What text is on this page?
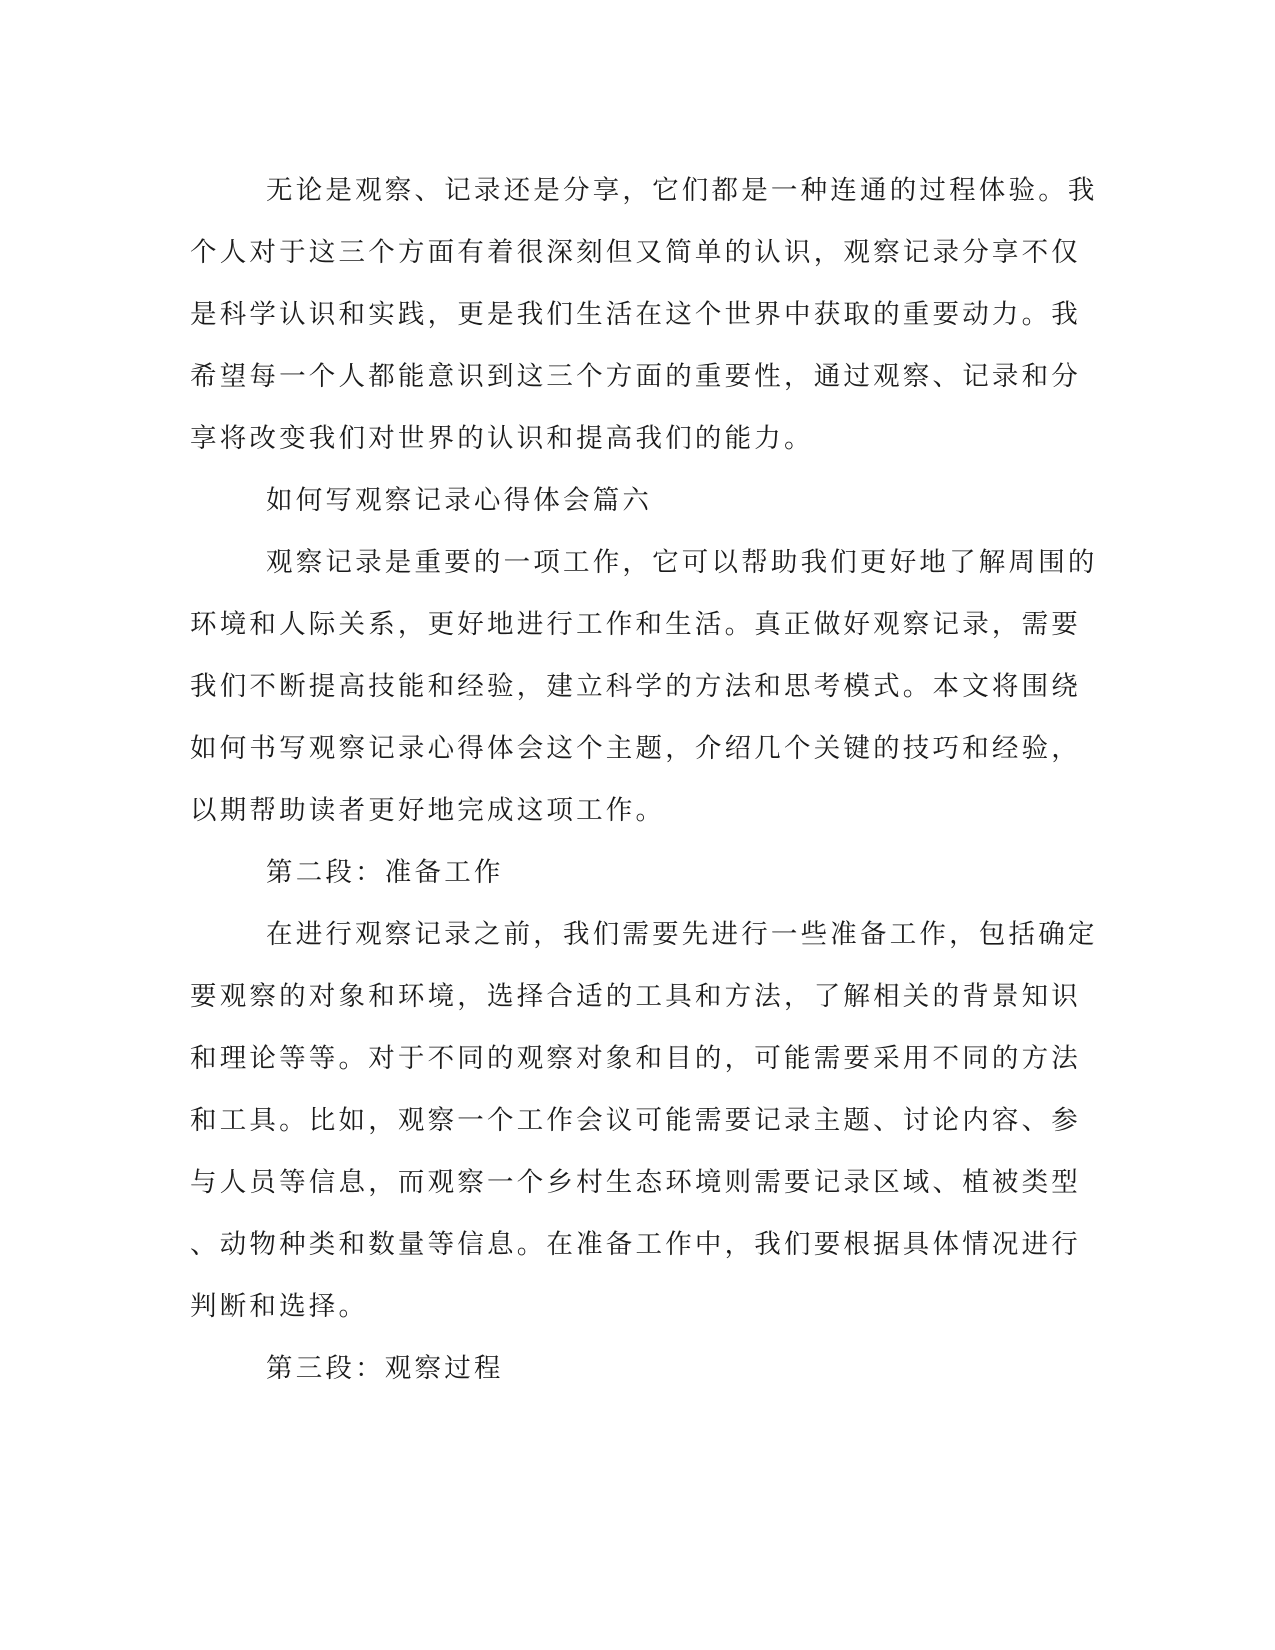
无论是观察、记录还是分享，它们都是一种连通的过程体验。我
个人对于这三个方面有着很深刻但又简单的认识，观察记录分享不仅
是科学认识和实践，更是我们生活在这个世界中获取的重要动力。我
希望每一个人都能意识到这三个方面的重要性，通过观察、记录和分
享将改变我们对世界的认识和提高我们的能力。
如何写观察记录心得体会篇六
观察记录是重要的一项工作，它可以帮助我们更好地了解周围的
环境和人际关系，更好地进行工作和生活。真正做好观察记录，需要
我们不断提高技能和经验，建立科学的方法和思考模式。本文将围绕
如何书写观察记录心得体会这个主题，介绍几个关键的技巧和经验，
以期帮助读者更好地完成这项工作。
第二段：准备工作
在进行观察记录之前，我们需要先进行一些准备工作，包括确定
要观察的对象和环境，选择合适的工具和方法，了解相关的背景知识
和理论等等。对于不同的观察对象和目的，可能需要采用不同的方法
和工具。比如，观察一个工作会议可能需要记录主题、讨论内容、参
与人员等信息，而观察一个乡村生态环境则需要记录区域、植被类型
、动物种类和数量等信息。在准备工作中，我们要根据具体情况进行
判断和选择。
第三段：观察过程
